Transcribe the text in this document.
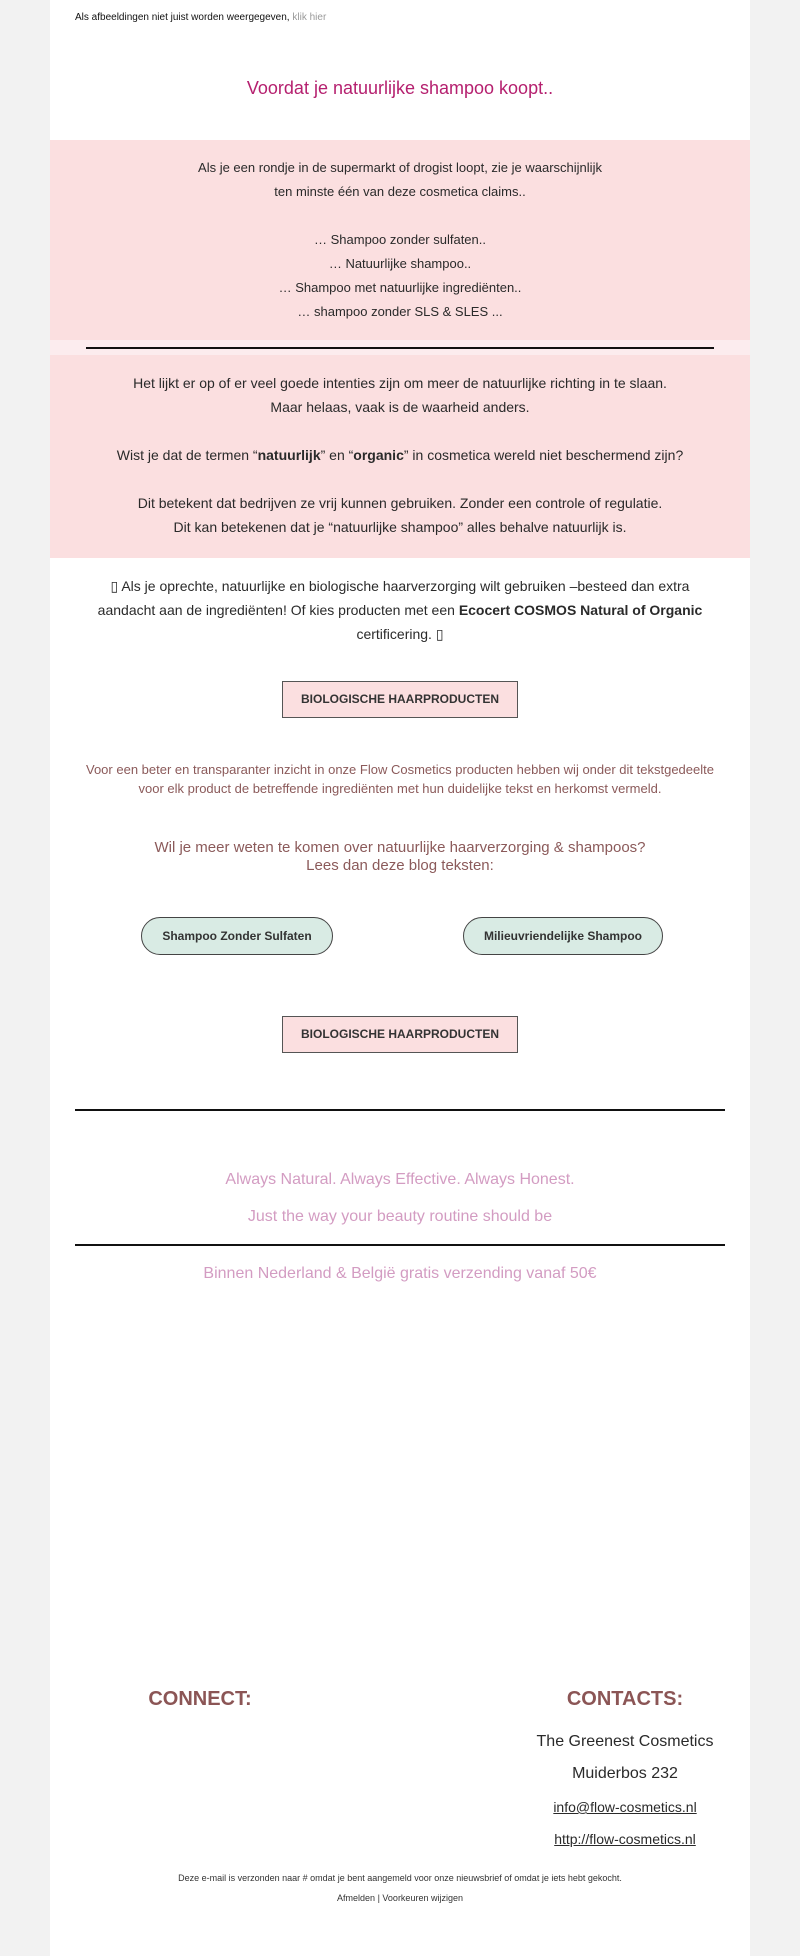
Als afbeeldingen niet juist worden weergegeven, klik hier
Voordat je natuurlijke shampoo koopt..
Als je een rondje in de supermarkt of drogist loopt, zie je waarschijnlijk
ten minste één van deze cosmetica claims..
… Shampoo zonder sulfaten..
… Natuurlijke shampoo..
… Shampoo met natuurlijke ingrediënten..
… shampoo zonder SLS & SLES ...
Het lijkt er op of er veel goede intenties zijn om meer de natuurlijke richting in te slaan.
Maar helaas, vaak is de waarheid anders.
Wist je dat de termen “natuurlijk” en “organic” in cosmetica wereld niet beschermend zijn?
Dit betekent dat bedrijven ze vrij kunnen gebruiken. Zonder een controle of regulatie.
Dit kan betekenen dat je “natuurlijke shampoo” alles behalve natuurlijk is.
▯ Als je oprechte, natuurlijke en biologische haarverzorging wilt gebruiken –besteed dan extra
aandacht aan de ingrediënten! Of kies producten met een Ecocert COSMOS Natural of Organic
certificering. ▯
BIOLOGISCHE HAARPRODUCTEN
Voor een beter en transparanter inzicht in onze Flow Cosmetics producten hebben wij onder dit tekstgedeelte
voor elk product de betreffende ingrediënten met hun duidelijke tekst en herkomst vermeld.
Wil je meer weten te komen over natuurlijke haarverzorging & shampoos?
Lees dan deze blog teksten:
Shampoo Zonder Sulfaten	Milieuvriendelijke Shampoo
BIOLOGISCHE HAARPRODUCTEN
Always Natural. Always Effective. Always Honest.
Just the way your beauty routine should be
Binnen Nederland & België gratis verzending vanaf 50€
CONNECT:	CONTACTS:
The Greenest Cosmetics
Muiderbos 232
info@flow-cosmetics.nl
http://flow-cosmetics.nl
Deze e-mail is verzonden naar # omdat je bent aangemeld voor onze nieuwsbrief of omdat je iets hebt gekocht.
Afmelden | Voorkeuren wijzigen
